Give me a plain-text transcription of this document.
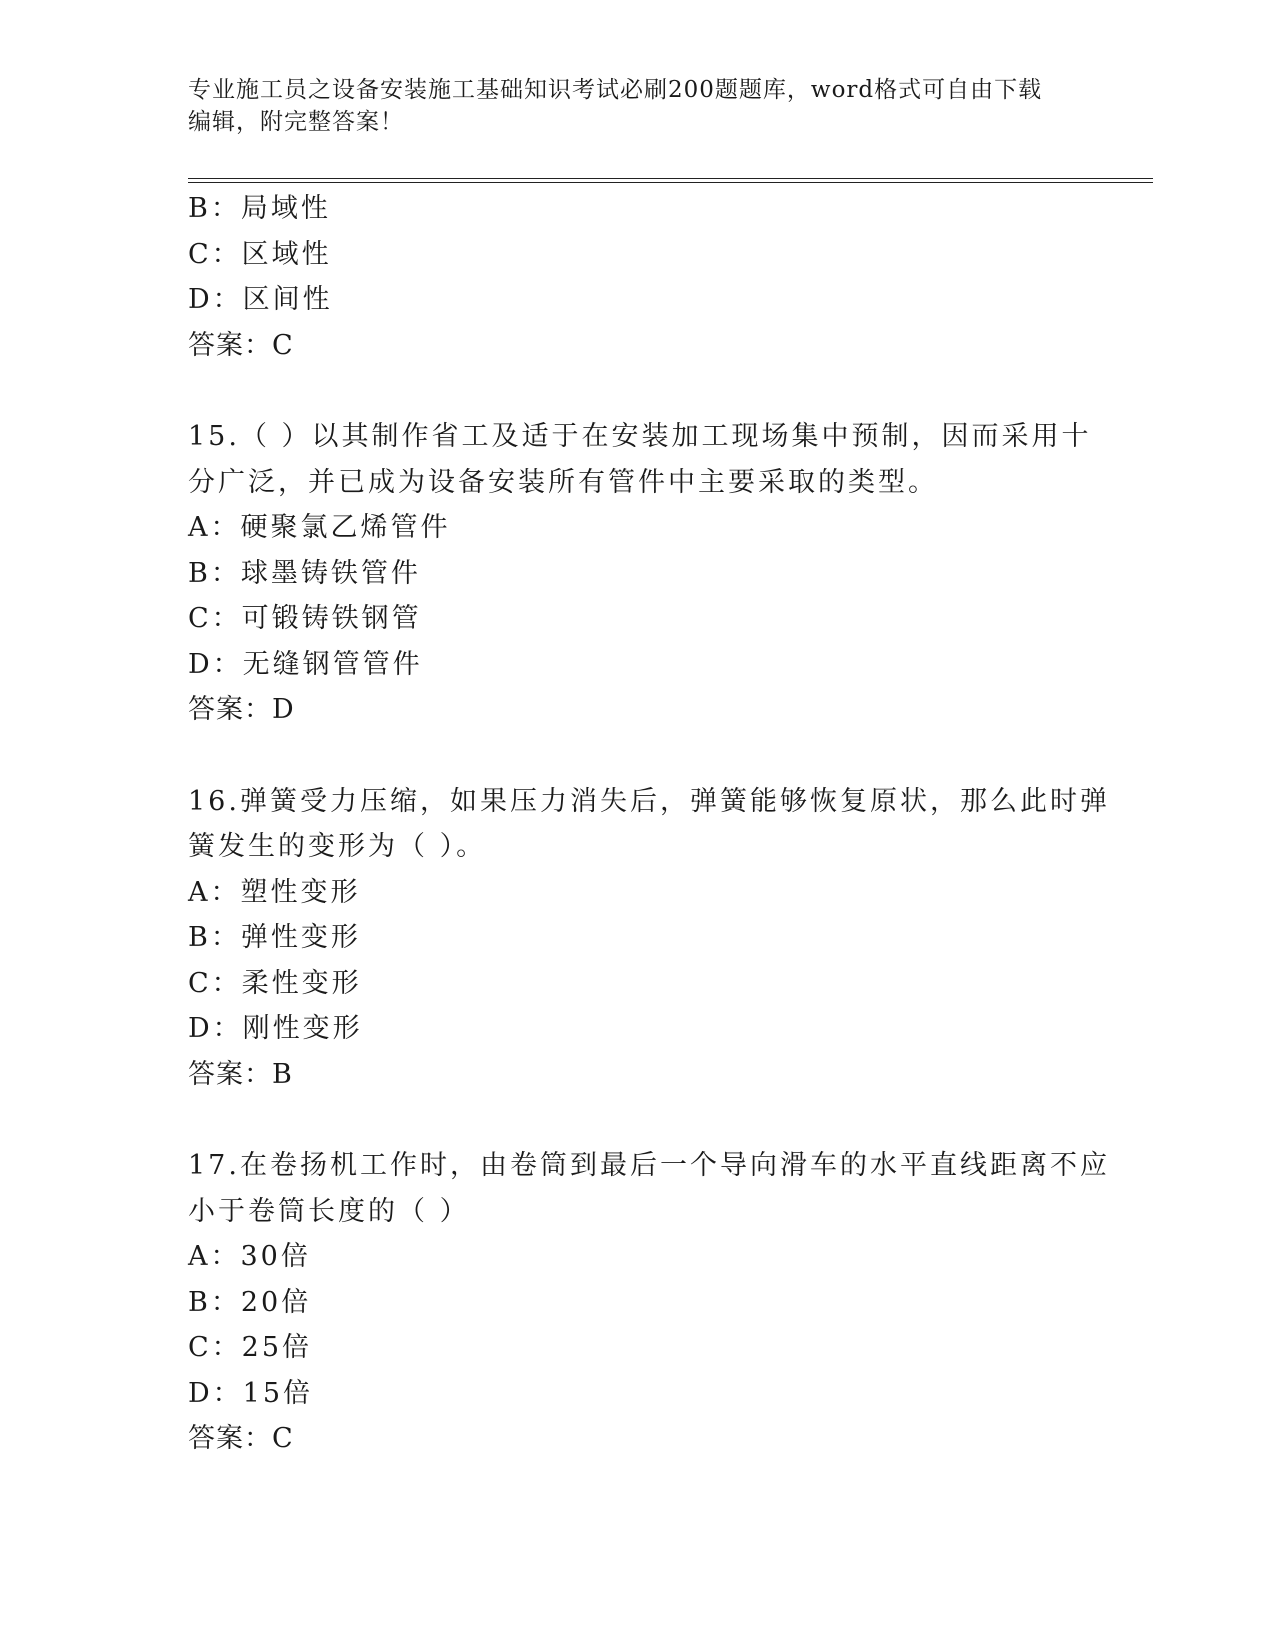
专业施工员之设备安装施工基础知识考试必刷200题题库，word格式可自由下载
编辑，附完整答案！
B：局域性
C：区域性
D：区间性
答案：C
15.（ ）以其制作省工及适于在安装加工现场集中预制，因而采用十
分广泛，并已成为设备安装所有管件中主要采取的类型。
A：硬聚氯乙烯管件
B：球墨铸铁管件
C：可锻铸铁钢管
D：无缝钢管管件
答案：D
16.弹簧受力压缩，如果压力消失后，弹簧能够恢复原状，那么此时弹
簧发生的变形为（ ）。
A：塑性变形
B：弹性变形
C：柔性变形
D：刚性变形
答案：B
17.在卷扬机工作时，由卷筒到最后一个导向滑车的水平直线距离不应
小于卷筒长度的（ ）
A：30倍
B：20倍
C：25倍
D：15倍
答案：C
